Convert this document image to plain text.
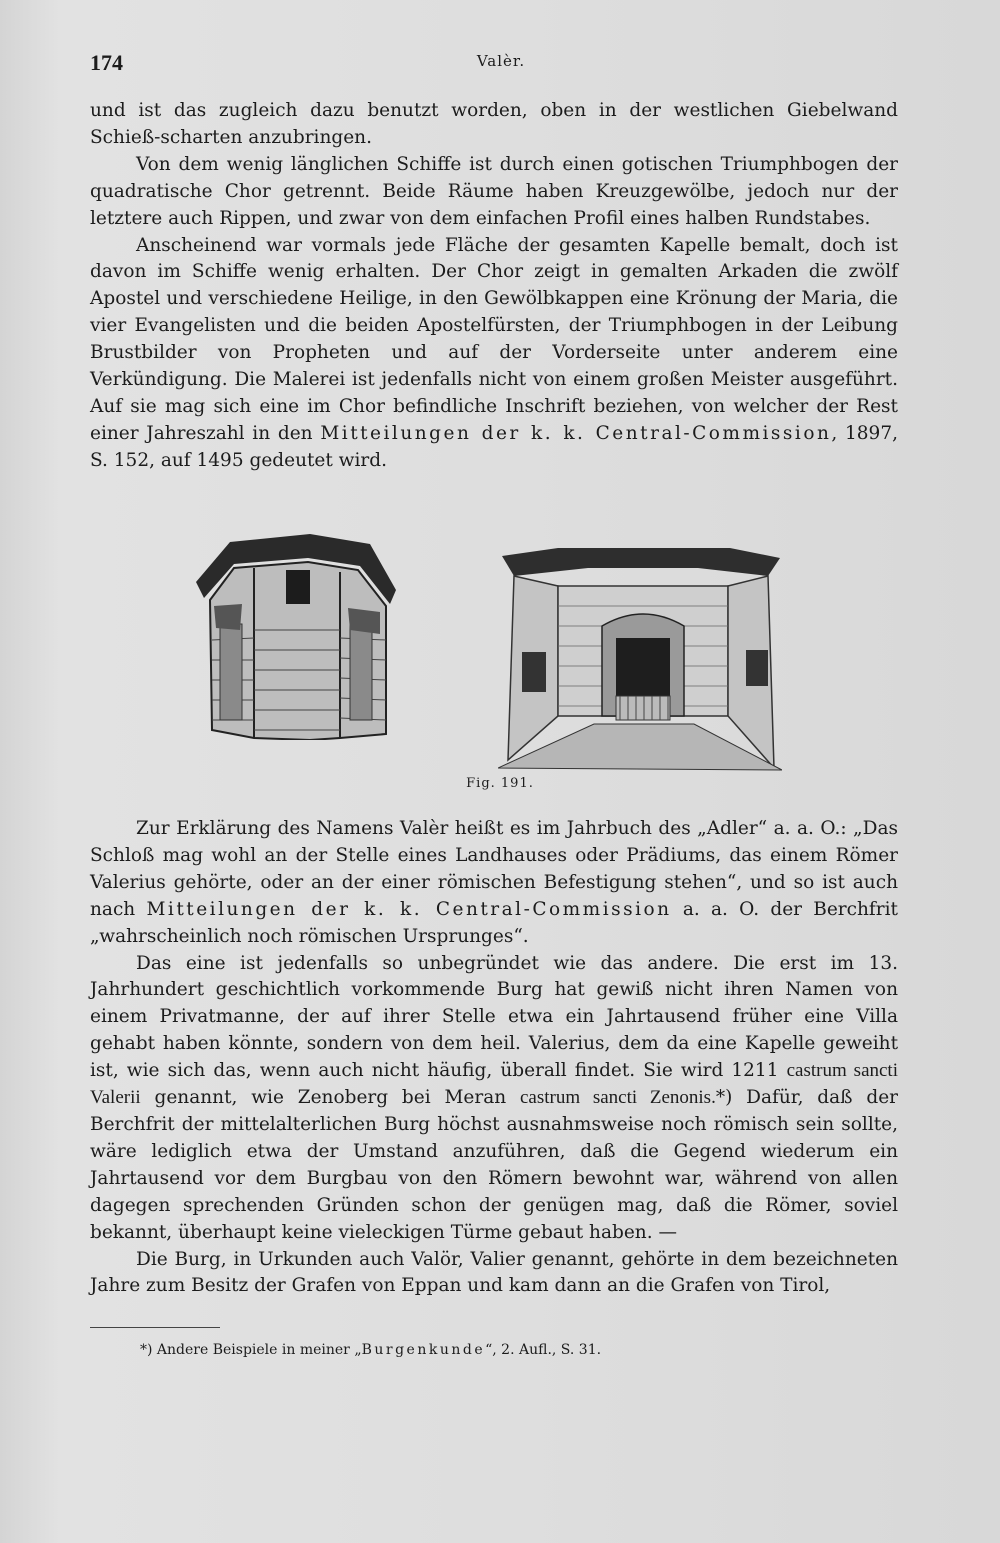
174	Valèr.

und ist das zugleich dazu benutzt worden, oben in der westlichen Giebelwand Schieß-scharten anzubringen.

Von dem wenig länglichen Schiffe ist durch einen gotischen Triumphbogen der quadratische Chor getrennt. Beide Räume haben Kreuzgewölbe, jedoch nur der letztere auch Rippen, und zwar von dem einfachen Profil eines halben Rundstabes.

Anscheinend war vormals jede Fläche der gesamten Kapelle bemalt, doch ist davon im Schiffe wenig erhalten. Der Chor zeigt in gemalten Arkaden die zwölf Apostel und verschiedene Heilige, in den Gewölbkappen eine Krönung der Maria, die vier Evangelisten und die beiden Apostelfürsten, der Triumphbogen in der Leibung Brustbilder von Propheten und auf der Vorderseite unter anderem eine Verkündigung. Die Malerei ist jedenfalls nicht von einem großen Meister ausgeführt. Auf sie mag sich eine im Chor befindliche Inschrift beziehen, von welcher der Rest einer Jahreszahl in den Mitteilungen der k. k. Central-Commission, 1897, S. 152, auf 1495 gedeutet wird.

Fig. 191.

Zur Erklärung des Namens Valèr heißt es im Jahrbuch des „Adler“ a. a. O.: „Das Schloß mag wohl an der Stelle eines Landhauses oder Prädiums, das einem Römer Valerius gehörte, oder an der einer römischen Befestigung stehen“, und so ist auch nach Mitteilungen der k. k. Central-Commission a. a. O. der Berchfrit „wahrscheinlich noch römischen Ursprunges“.

Das eine ist jedenfalls so unbegründet wie das andere. Die erst im 13. Jahrhundert geschichtlich vorkommende Burg hat gewiß nicht ihren Namen von einem Privatmanne, der auf ihrer Stelle etwa ein Jahrtausend früher eine Villa gehabt haben könnte, sondern von dem heil. Valerius, dem da eine Kapelle geweiht ist, wie sich das, wenn auch nicht häufig, überall findet. Sie wird 1211 castrum sancti Valerii genannt, wie Zenoberg bei Meran castrum sancti Zenonis.*) Dafür, daß der Berchfrit der mittelalterlichen Burg höchst ausnahmsweise noch römisch sein sollte, wäre lediglich etwa der Umstand anzuführen, daß die Gegend wiederum ein Jahrtausend vor dem Burgbau von den Römern bewohnt war, während von allen dagegen sprechenden Gründen schon der genügen mag, daß die Römer, soviel bekannt, überhaupt keine vieleckigen Türme gebaut haben. —

Die Burg, in Urkunden auch Valör, Valier genannt, gehörte in dem bezeichneten Jahre zum Besitz der Grafen von Eppan und kam dann an die Grafen von Tirol,

*) Andere Beispiele in meiner „Burgenkunde“, 2. Aufl., S. 31.
